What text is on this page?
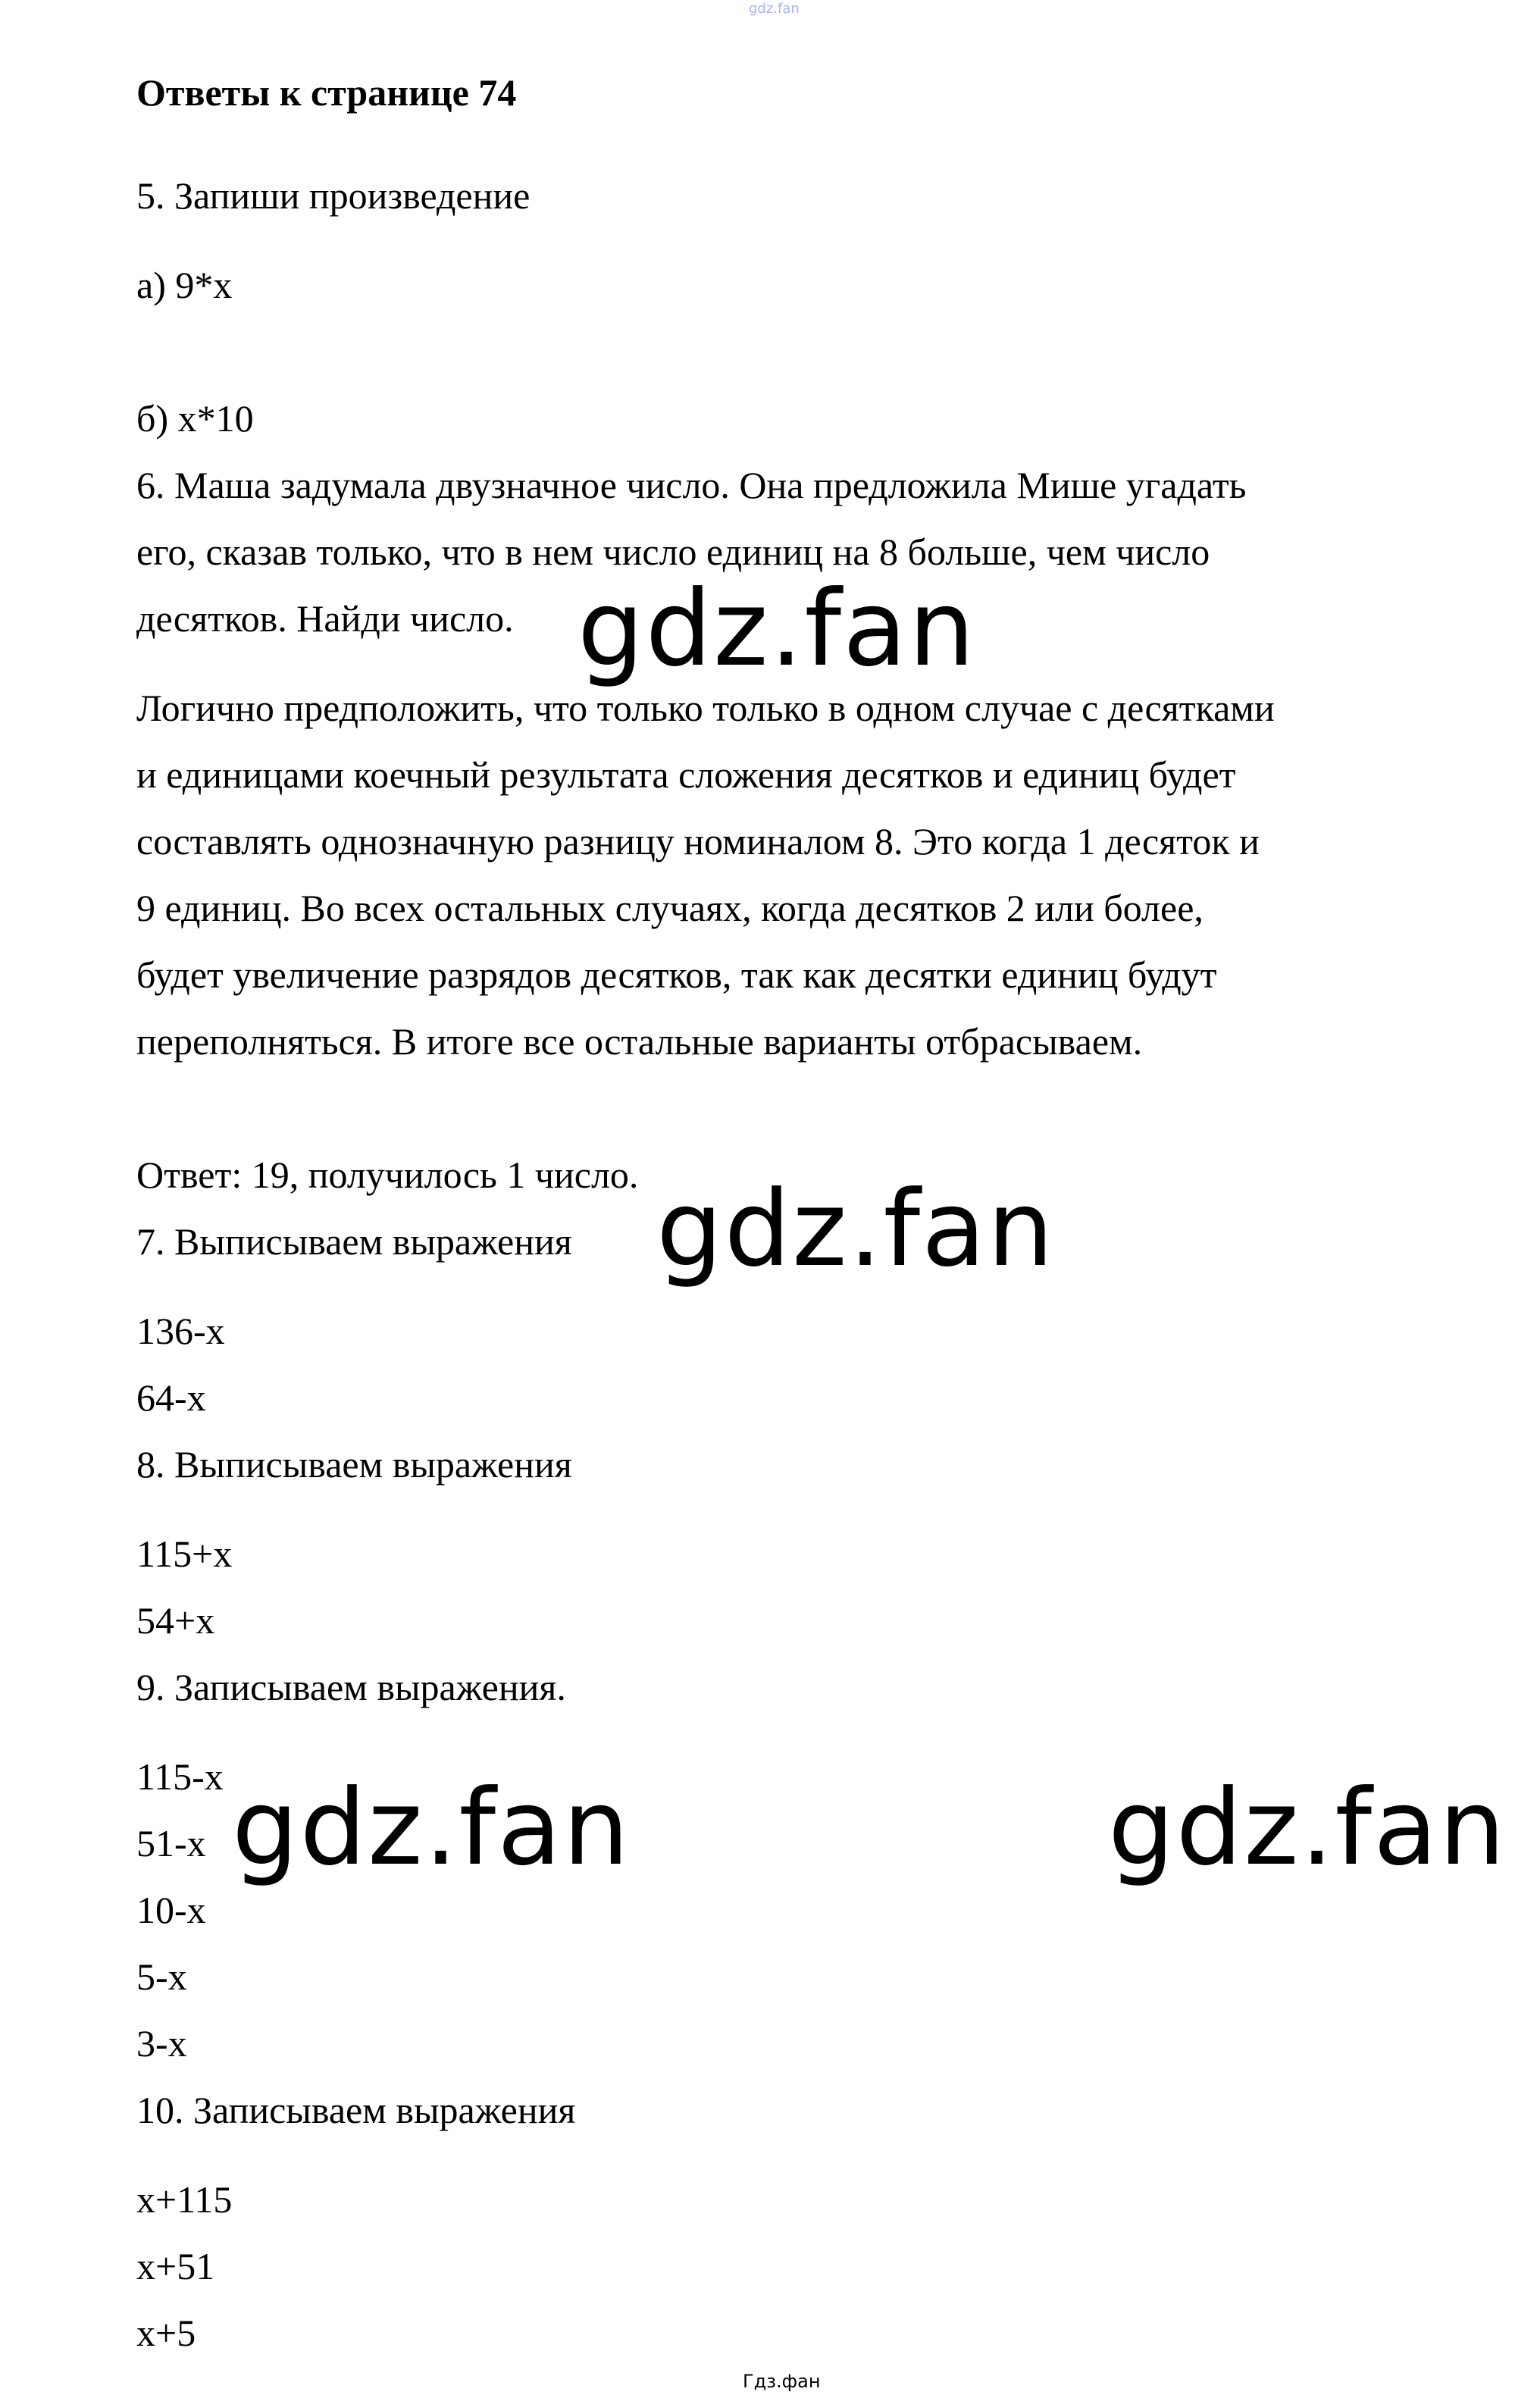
gdz.fan

Ответы к странице 74

5. Запиши произведение

а) 9*x

б) x*10

6. Маша задумала двузначное число. Она предложила Мише угадать

его, сказав только, что в нем число единиц на 8 больше, чем число

десятков. Найди число.

Логично предположить, что только только в одном случае с десятками

и единицами коечный результата сложения десятков и единиц будет

составлять однозначную разницу номиналом 8. Это когда 1 десяток и

9 единиц. Во всех остальных случаях, когда десятков 2 или более,

будет увеличение разрядов десятков, так как десятки единиц будут

переполняться. В итоге все остальные варианты отбрасываем.

Ответ: 19, получилось 1 число.

7. Выписываем выражения

136-x

64-x

8. Выписываем выражения

115+x

54+x

9. Записываем выражения.

115-x

51-x

10-x

5-x

3-x

10. Записываем выражения

x+115

x+51

x+5

gdz.fan
gdz.fan
gdz.fan	gdz.fan
Гдз.фан
